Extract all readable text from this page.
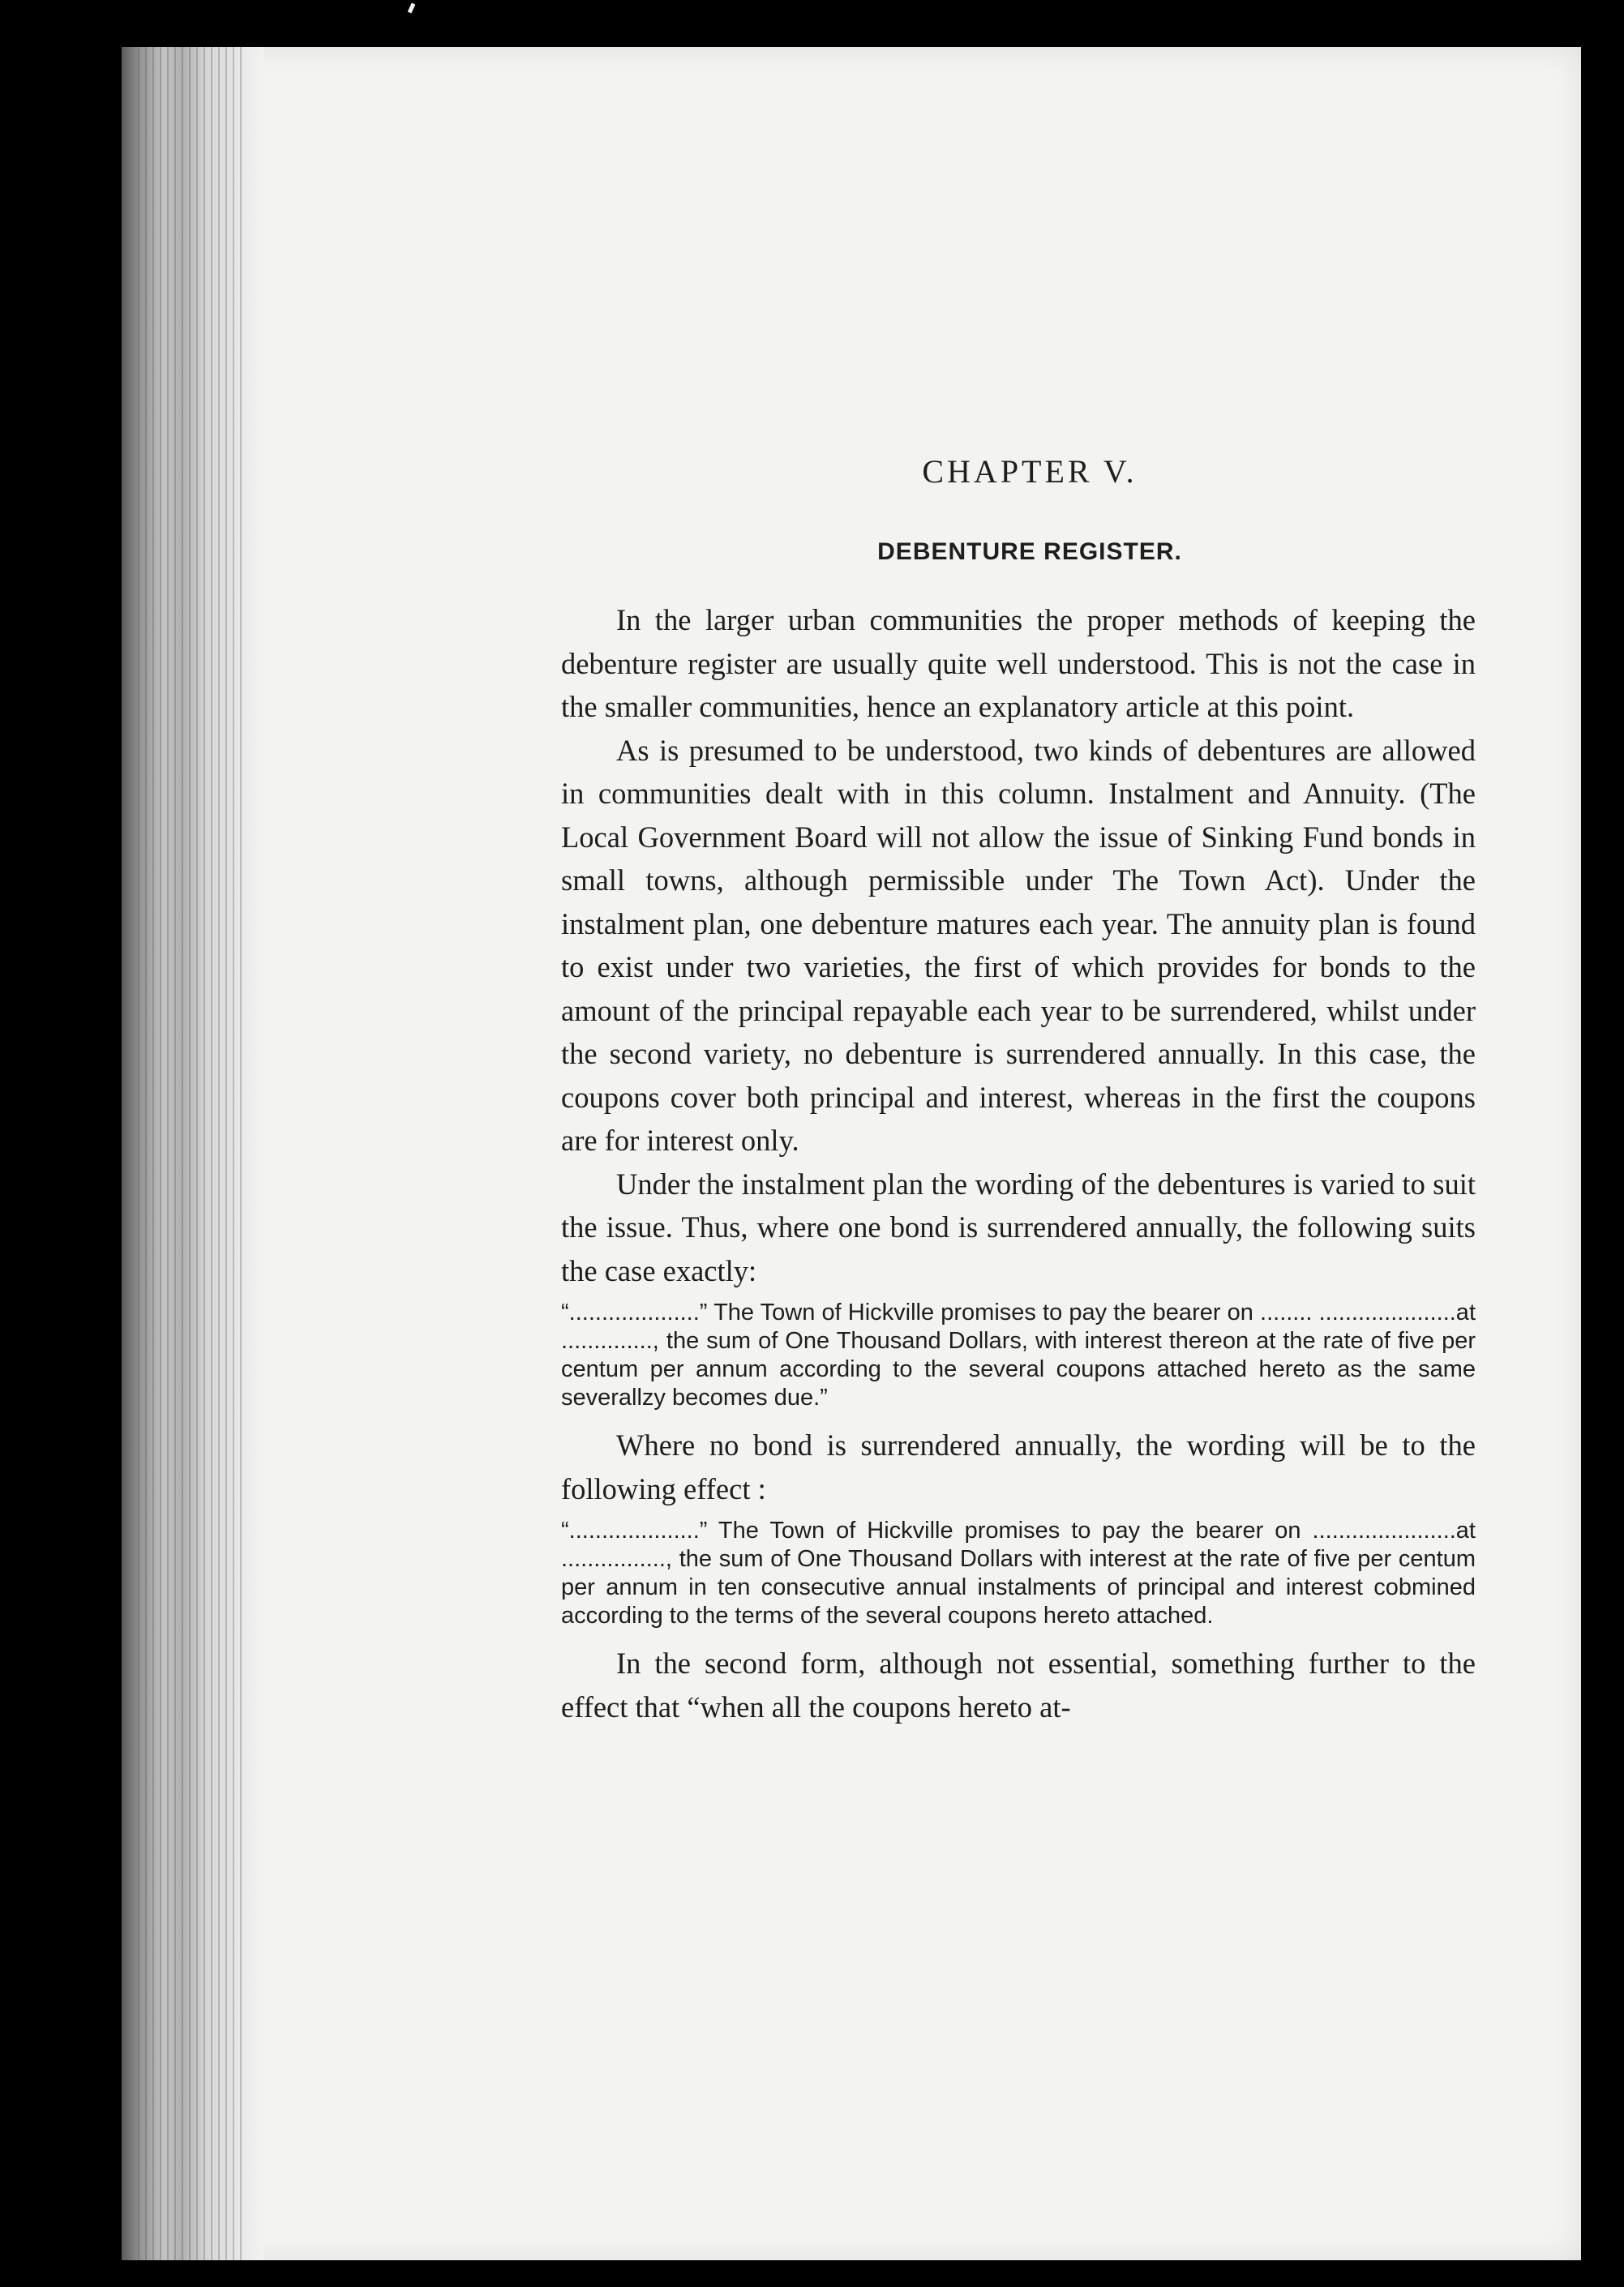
CHAPTER V.
DEBENTURE REGISTER.

In the larger urban communities the proper methods of keeping the debenture register are usually quite well understood. This is not the case in the smaller communities, hence an explanatory article at this point.

As is presumed to be understood, two kinds of debentures are allowed in communities dealt with in this column. Instalment and Annuity. (The Local Government Board will not allow the issue of Sinking Fund bonds in small towns, although permissible under The Town Act). Under the instalment plan, one debenture matures each year. The annuity plan is found to exist under two varieties, the first of which provides for bonds to the amount of the principal repayable each year to be surrendered, whilst under the second variety, no debenture is surrendered annually. In this case, the coupons cover both principal and interest, whereas in the first the coupons are for interest only.

Under the instalment plan the wording of the debentures is varied to suit the issue. Thus, where one bond is surrendered annually, the following suits the case exactly:

“....................” The Town of Hickville promises to pay the bearer on ........ .....................at .............., the sum of One Thousand Dollars, with interest thereon at the rate of five per centum per annum according to the several coupons attached hereto as the same severallzy becomes due.”

Where no bond is surrendered annually, the wording will be to the following effect :

“....................” The Town of Hickville promises to pay the bearer on ......................at ................, the sum of One Thousand Dollars with interest at the rate of five per centum per annum in ten consecutive annual instalments of principal and interest cobmined according to the terms of the several coupons hereto attached.

In the second form, although not essential, something further to the effect that “when all the coupons hereto at-
